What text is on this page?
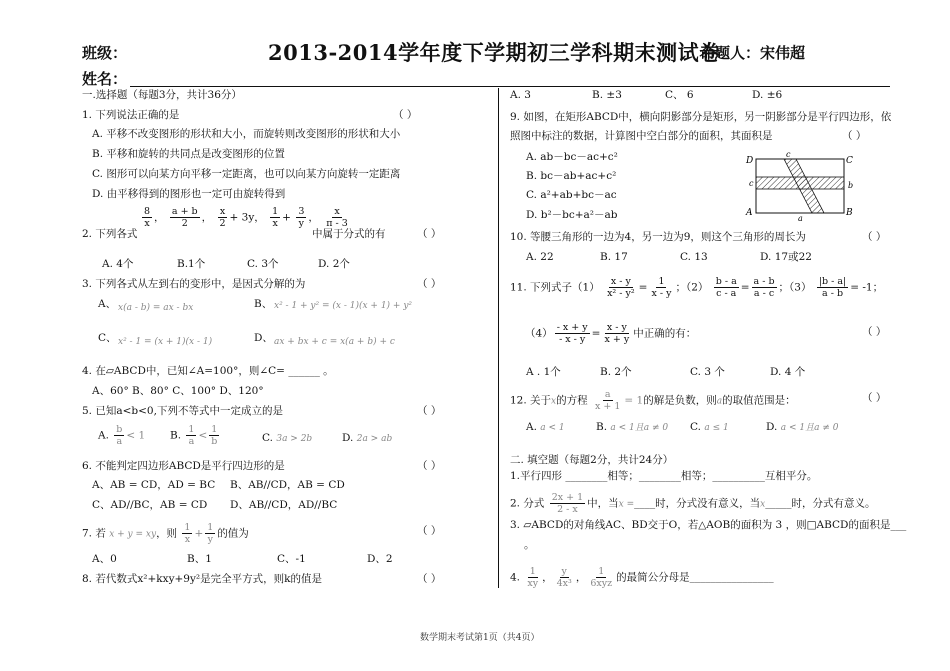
班级：	2013-2014学年度下学期初三学科期末测试卷
命题人：宋伟超
姓名：
一.选择题（每题3分，共计36分）
1. 下列说法正确的是	（ ）
A. 平移不改变图形的形状和大小，而旋转则改变图形的形状和大小
B. 平移和旋转的共同点是改变图形的位置
C. 图形可以向某方向平移一定距离，也可以向某方向旋转一定距离
D. 由平移得到的图形也一定可由旋转得到
$\frac{8}{x}$ ， $\frac{a + b}{2}$ ， $\frac{x}{2} + 3y$， $\frac{1}{x} + \frac{3}{y}$ ， $\frac{x}{\pi - 3}$
2. 下列各式	中属于分式的有	（ ）
A. 4个	B.1个	C. 3个	D. 2个
3. 下列各式从左到右的变形中，是因式分解的为	（ ）
A、 x(a - b) = ax - bx	B、 x² - 1 + y² = (x - 1)(x + 1) + y²
C、 x² - 1 = (x + 1)(x - 1)	D、 ax + bx + c = x(a + b) + c
4. 在▱ABCD中，已知∠A=100°，则∠C= ______ 。
A、60° B、80° C、100° D、120°
5. 已知a<b<0,下列不等式中一定成立的是	（ ）
A. $\frac{b}{a} < 1$ B. $\frac{1}{a} < \frac{1}{b}$	C. 3a > 2b	D. 2a > ab
6. 不能判定四边形ABCD是平行四边形的是	（ ）
A、AB = CD，AD = BC B、AB//CD，AB = CD
C、AD//BC，AB = CD D、AB//CD，AD//BC
7. 若 x + y = xy，则 $\frac{1}{x} + \frac{1}{y}$ 的值为	（ ）
A、0	B、1	C、-1	D、2
8. 若代数式x²+kxy+9y²是完全平方式，则k的值是	（ ）
A. 3	B. ±3	C、 6	D. ±6
9. 如图，在矩形ABCD中，横向阴影部分是矩形，另一阴影部分是平行四边形，依
照图中标注的数据，计算图中空白部分的面积，其面积是	（ ）
A. ab－bc－ac+c²
B. bc－ab+ac+c²
C. a²+ab+bc－ac
D. b²－bc+a²－ab
D	C
A	B
c
c
b
a
10. 等腰三角形的一边为4，另一边为9，则这个三角形的周长为	（ ）
A. 22	B. 17	C. 13	D. 17或22
11. 下列式子$(1) \frac{x - y}{\text{x² - y²}} = \frac{1}{x - y}$ ；$(2) \frac{b - a}{c - a} = \frac{a - b}{a - c}$ ；$(3) \frac{|b - a|}{a - b} = -1$；
$(4) \frac{- x + y}{- x - y} = \frac{x - y}{x + y}$ 中正确的有：	（ ）
A . 1个	B. 2个	C. 3 个	D. 4 个
12. 关于x的方程 $\frac{a}{x + 1} = 1$的解是负数，则a的取值范围是：	（ ）
A. a < 1	B. a < 1且a ≠ 0 C. a ≤ 1	D. a < 1且a ≠ 0
二. 填空题（每题2分，共计24分）
1.平行四形 ________相等；________相等；__________互相平分。
2. 分式 $\frac{2x + 1}{2 - x}$ 中，当x =____时，分式没有意义，当x_____时，分式有意义。
3. ▱ABCD的对角线AC、BD交于O，若△AOB的面积为 3 ，则□ABCD的面积是___
。
4. $\frac{1}{xy}$ ， $\frac{y}{\text{4x³}}$ ， $\frac{1}{\text{6xyz}}$ 的最简公分母是________________
数学期末考试第1页（共4页）
